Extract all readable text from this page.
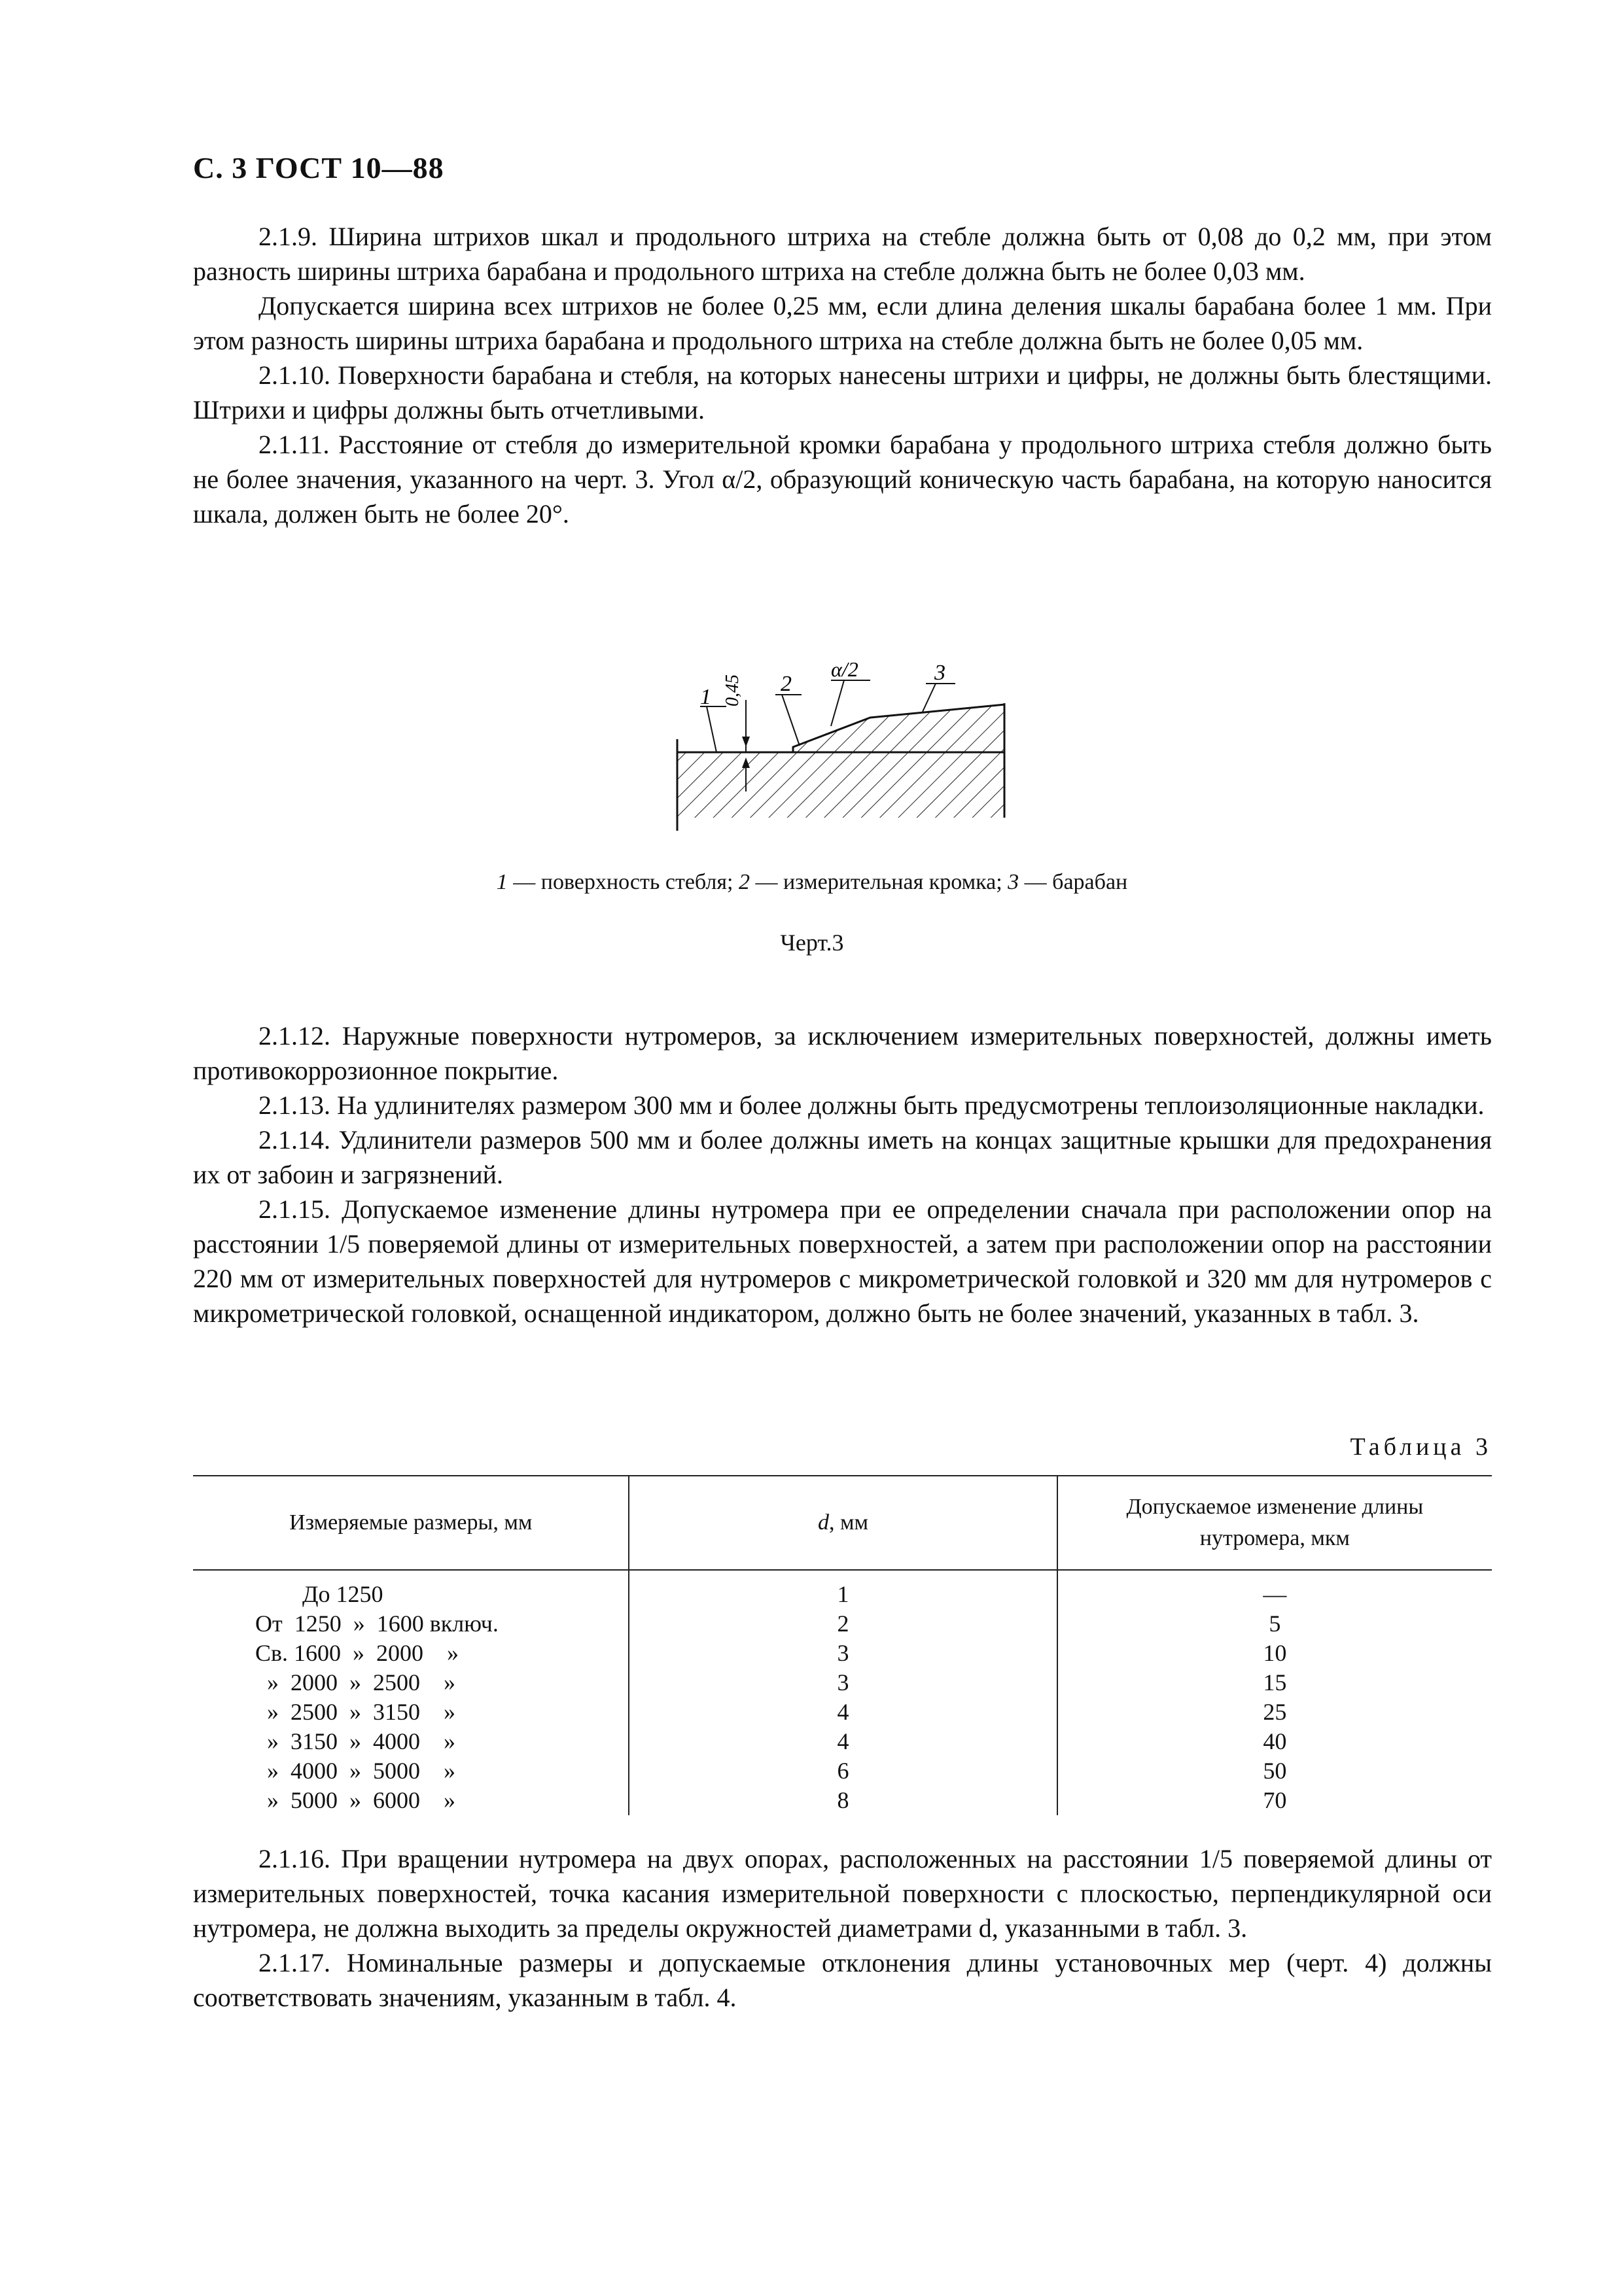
С. 3 ГОСТ 10—88

2.1.9. Ширина штрихов шкал и продольного штриха на стебле должна быть от 0,08 до 0,2 мм, при этом разность ширины штриха барабана и продольного штриха на стебле должна быть не более 0,03 мм.

Допускается ширина всех штрихов не более 0,25 мм, если длина деления шкалы барабана более 1 мм. При этом разность ширины штриха барабана и продольного штриха на стебле должна быть не более 0,05 мм.

2.1.10. Поверхности барабана и стебля, на которых нанесены штрихи и цифры, не должны быть блестящими. Штрихи и цифры должны быть отчетливыми.

2.1.11. Расстояние от стебля до измерительной кромки барабана у продольного штриха стебля должно быть не более значения, указанного на черт. 3. Угол α/2, образующий коническую часть барабана, на которую наносится шкала, должен быть не более 20°.

0,45
1
2
α/2	3
1 — поверхность стебля; 2 — измерительная кромка; 3 — барабан
Черт.3

2.1.12. Наружные поверхности нутромеров, за исключением измерительных поверхностей, должны иметь противокоррозионное покрытие.

2.1.13. На удлинителях размером 300 мм и более должны быть предусмотрены теплоизоляционные накладки.

2.1.14. Удлинители размеров 500 мм и более должны иметь на концах защитные крышки для предохранения их от забоин и загрязнений.

2.1.15. Допускаемое изменение длины нутромера при ее определении сначала при расположении опор на расстоянии 1/5 поверяемой длины от измерительных поверхностей, а затем при расположении опор на расстоянии 220 мм от измерительных поверхностей для нутромеров с микрометрической головкой и 320 мм для нутромеров с микрометрической головкой, оснащенной индикатором, должно быть не более значений, указанных в табл. 3.

Таблица 3
Измеряемые размеры, мм	d, мм	Допускаемое изменение длины
нутромера, мкм
До 1250	1	—
От  1250  »  1600 включ.	2	5
Св. 1600  »  2000    »	3	10
»  2000  »  2500    »	3	15
»  2500  »  3150    »	4	25
»  3150  »  4000    »	4	40
»  4000  »  5000    »	6	50
»  5000  »  6000    »	8	70

2.1.16. При вращении нутромера на двух опорах, расположенных на расстоянии 1/5 поверяемой длины от измерительных поверхностей, точка касания измерительной поверхности с плоскостью, перпендикулярной оси нутромера, не должна выходить за пределы окружностей диаметрами d, указанными в табл. 3.

2.1.17. Номинальные размеры и допускаемые отклонения длины установочных мер (черт. 4) должны соответствовать значениям, указанным в табл. 4.
